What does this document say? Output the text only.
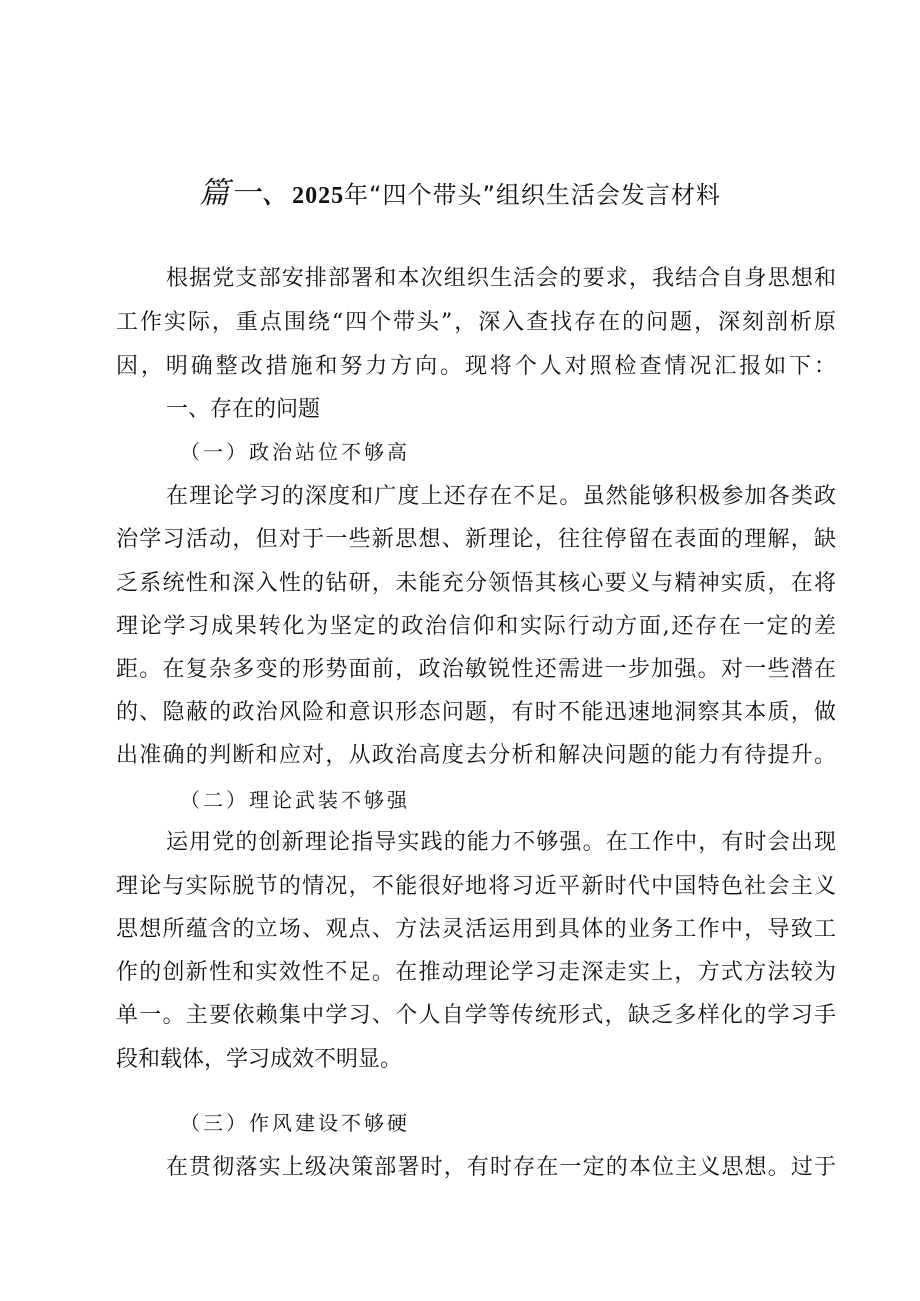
篇一、2025年“四个带头”组织生活会发言材料
根据党支部安排部署和本次组织生活会的要求，我结合自身思想和
工作实际，重点围绕“四个带头”，深入查找存在的问题，深刻剖析原
因，明确整改措施和努力方向。现将个人对照检查情况汇报如下：
一、存在的问题
（一）政治站位不够高
在理论学习的深度和广度上还存在不足。虽然能够积极参加各类政
治学习活动，但对于一些新思想、新理论，往往停留在表面的理解，缺
乏系统性和深入性的钻研，未能充分领悟其核心要义与精神实质，在将
理论学习成果转化为坚定的政治信仰和实际行动方面,还存在一定的差
距。在复杂多变的形势面前，政治敏锐性还需进一步加强。对一些潜在
的、隐蔽的政治风险和意识形态问题，有时不能迅速地洞察其本质，做
出准确的判断和应对，从政治高度去分析和解决问题的能力有待提升。
（二）理论武装不够强
运用党的创新理论指导实践的能力不够强。在工作中，有时会出现
理论与实际脱节的情况，不能很好地将习近平新时代中国特色社会主义
思想所蕴含的立场、观点、方法灵活运用到具体的业务工作中，导致工
作的创新性和实效性不足。在推动理论学习走深走实上，方式方法较为
单一。主要依赖集中学习、个人自学等传统形式，缺乏多样化的学习手
段和载体，学习成效不明显。
（三）作风建设不够硬
在贯彻落实上级决策部署时，有时存在一定的本位主义思想。过于
